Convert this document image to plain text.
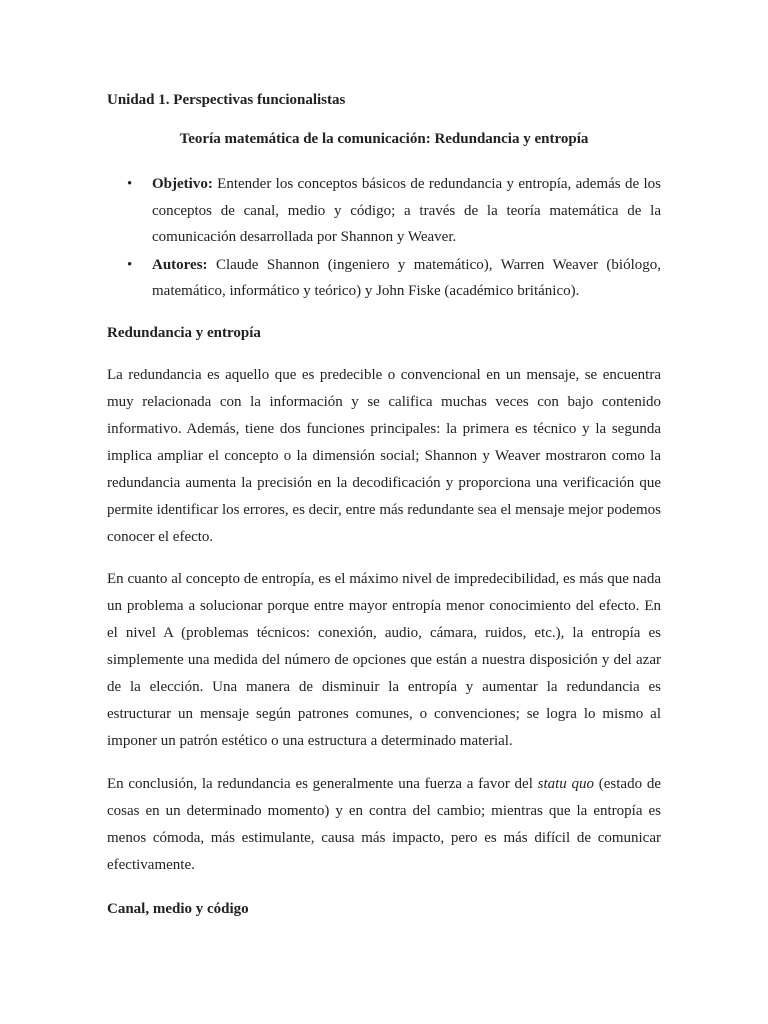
Unidad 1. Perspectivas funcionalistas

Teoría matemática de la comunicación: Redundancia y entropía

• Objetivo: Entender los conceptos básicos de redundancia y entropía, además de los conceptos de canal, medio y código; a través de la teoría matemática de la comunicación desarrollada por Shannon y Weaver.
• Autores: Claude Shannon (ingeniero y matemático), Warren Weaver (biólogo, matemático, informático y teórico) y John Fiske (académico británico).

Redundancia y entropía

La redundancia es aquello que es predecible o convencional en un mensaje, se encuentra muy relacionada con la información y se califica muchas veces con bajo contenido informativo. Además, tiene dos funciones principales: la primera es técnico y la segunda implica ampliar el concepto o la dimensión social; Shannon y Weaver mostraron como la redundancia aumenta la precisión en la decodificación y proporciona una verificación que permite identificar los errores, es decir, entre más redundante sea el mensaje mejor podemos conocer el efecto.

En cuanto al concepto de entropía, es el máximo nivel de impredecibilidad, es más que nada un problema a solucionar porque entre mayor entropía menor conocimiento del efecto. En el nivel A (problemas técnicos: conexión, audio, cámara, ruidos, etc.), la entropía es simplemente una medida del número de opciones que están a nuestra disposición y del azar de la elección. Una manera de disminuir la entropía y aumentar la redundancia es estructurar un mensaje según patrones comunes, o convenciones; se logra lo mismo al imponer un patrón estético o una estructura a determinado material.

En conclusión, la redundancia es generalmente una fuerza a favor del statu quo (estado de cosas en un determinado momento) y en contra del cambio; mientras que la entropía es menos cómoda, más estimulante, causa más impacto, pero es más difícil de comunicar efectivamente.

Canal, medio y código
